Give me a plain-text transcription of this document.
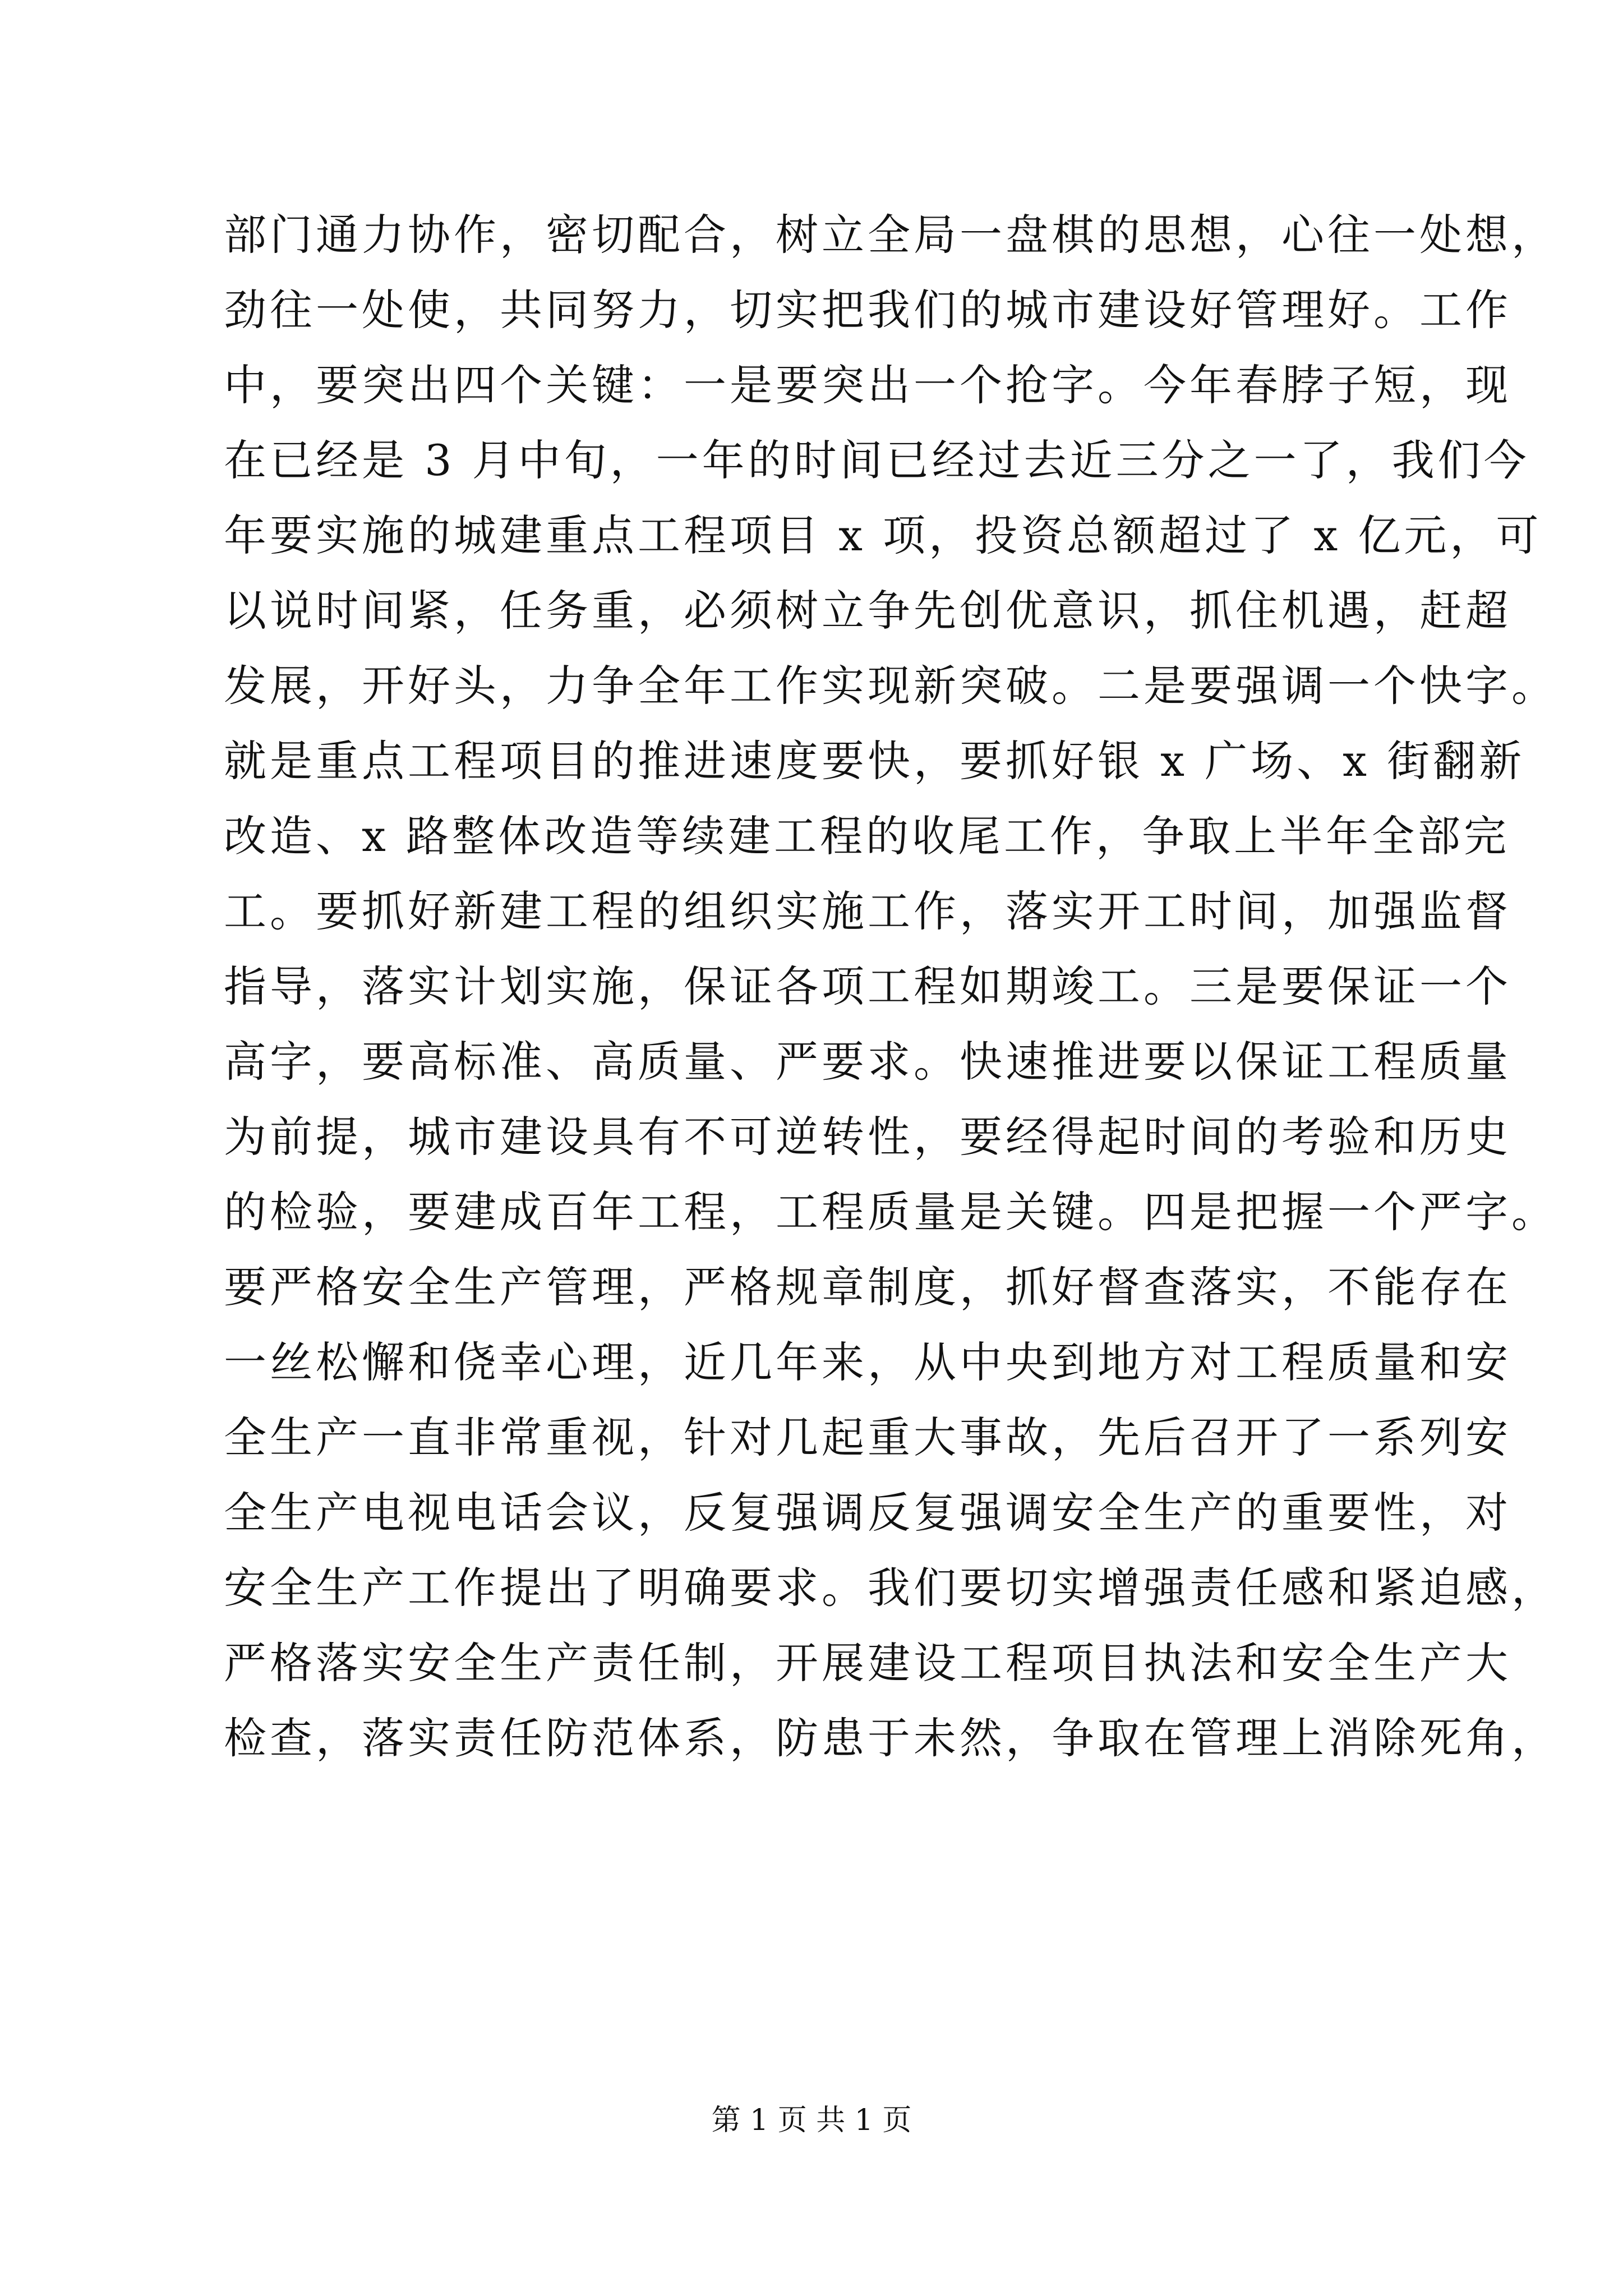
部门通力协作，密切配合，树立全局一盘棋的思想，心往一处想，
劲往一处使，共同努力，切实把我们的城市建设好管理好。工作
中，要突出四个关键：一是要突出一个抢字。今年春脖子短，现
在已经是 3 月中旬，一年的时间已经过去近三分之一了，我们今
年要实施的城建重点工程项目 x 项，投资总额超过了 x 亿元，可
以说时间紧，任务重，必须树立争先创优意识，抓住机遇，赶超
发展，开好头，力争全年工作实现新突破。二是要强调一个快字。
就是重点工程项目的推进速度要快，要抓好银 x 广场、x 街翻新
改造、x 路整体改造等续建工程的收尾工作，争取上半年全部完
工。要抓好新建工程的组织实施工作，落实开工时间，加强监督
指导，落实计划实施，保证各项工程如期竣工。三是要保证一个
高字，要高标准、高质量、严要求。快速推进要以保证工程质量
为前提，城市建设具有不可逆转性，要经得起时间的考验和历史
的检验，要建成百年工程，工程质量是关键。四是把握一个严字。
要严格安全生产管理，严格规章制度，抓好督查落实，不能存在
一丝松懈和侥幸心理，近几年来，从中央到地方对工程质量和安
全生产一直非常重视，针对几起重大事故，先后召开了一系列安
全生产电视电话会议，反复强调反复强调安全生产的重要性，对
安全生产工作提出了明确要求。我们要切实增强责任感和紧迫感，
严格落实安全生产责任制，开展建设工程项目执法和安全生产大
检查，落实责任防范体系，防患于未然，争取在管理上消除死角，
第 1 页 共 1 页
